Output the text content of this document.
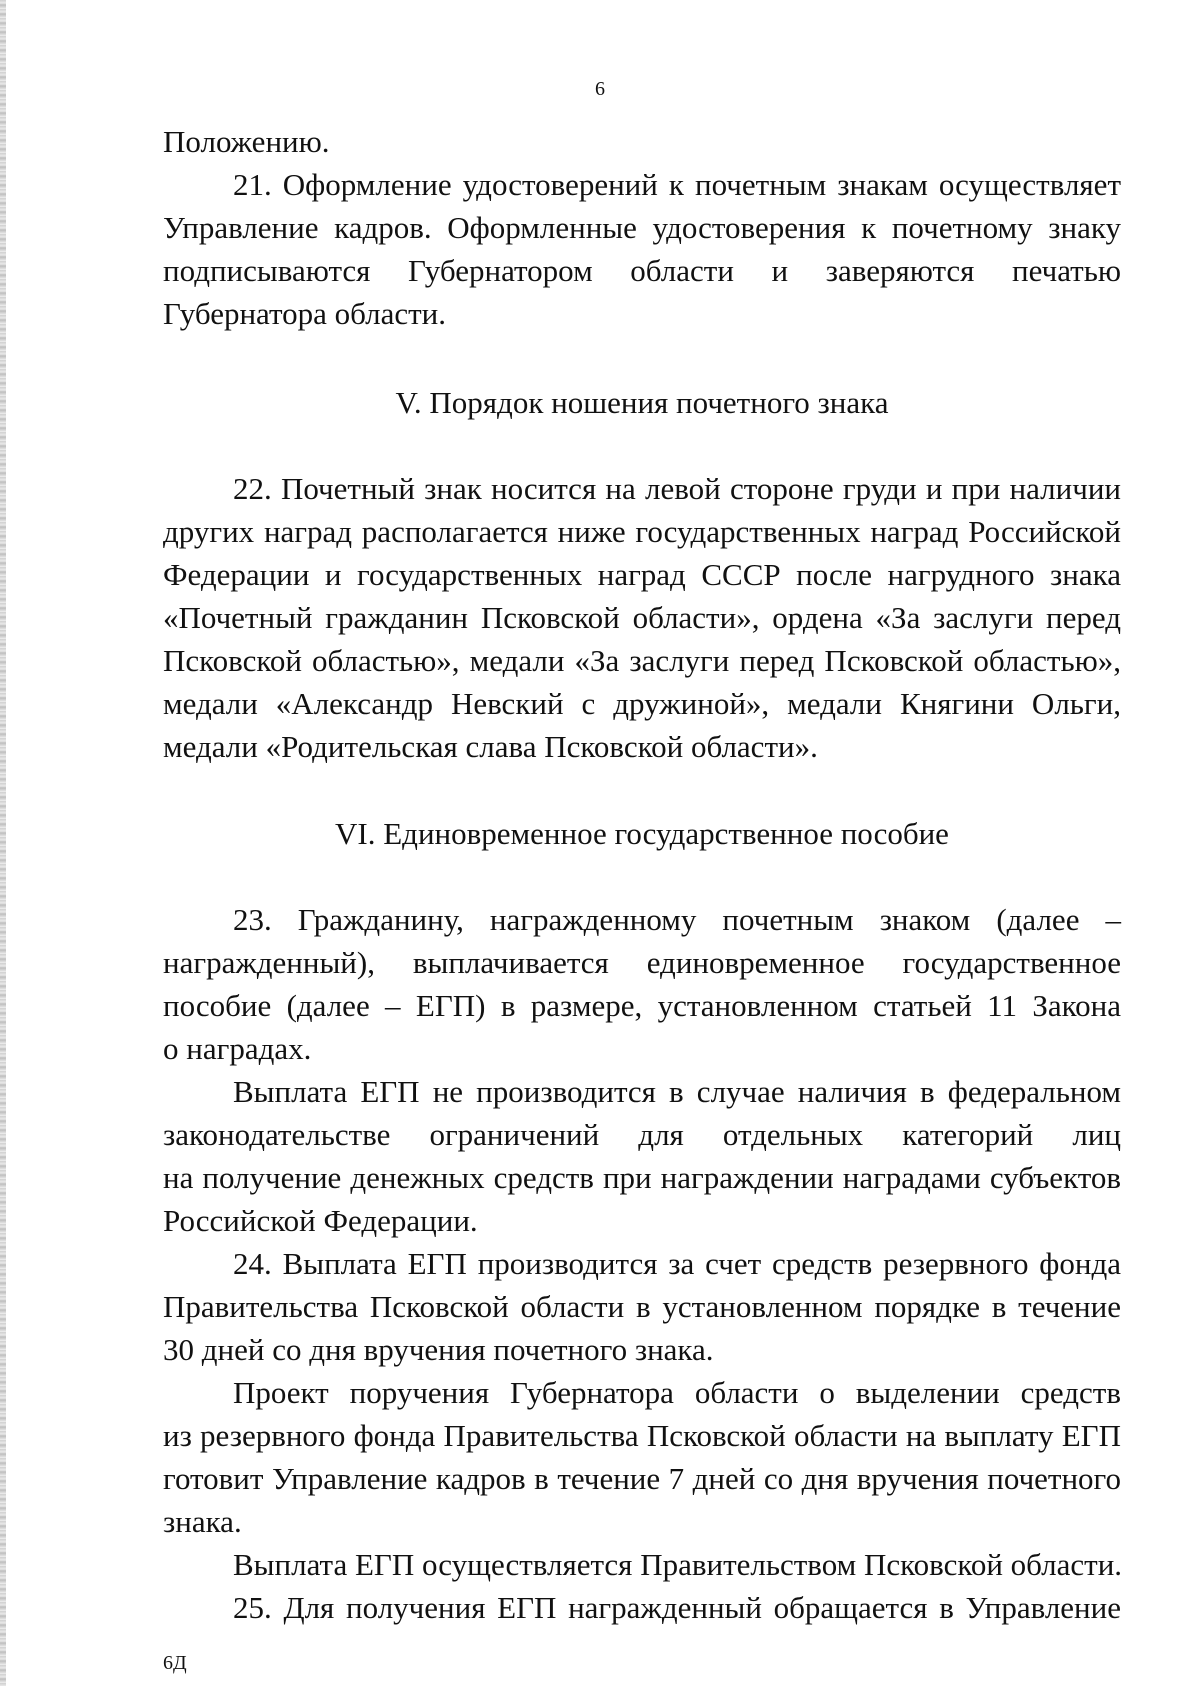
6
Положению.
21. Оформление удостоверений к почетным знакам осуществляет
Управление кадров. Оформленные удостоверения к почетному знаку
подписываются Губернатором области и заверяются печатью
Губернатора области.
V. Порядок ношения почетного знака
22. Почетный знак носится на левой стороне груди и при наличии
других наград располагается ниже государственных наград Российской
Федерации и государственных наград СССР после нагрудного знака
«Почетный гражданин Псковской области», ордена «За заслуги перед
Псковской областью», медали «За заслуги перед Псковской областью»,
медали «Александр Невский с дружиной», медали Княгини Ольги,
медали «Родительская слава Псковской области».
VI. Единовременное государственное пособие
23. Гражданину, награжденному почетным знаком (далее –
награжденный), выплачивается единовременное государственное
пособие (далее – ЕГП) в размере, установленном статьей 11 Закона
о наградах.
Выплата ЕГП не производится в случае наличия в федеральном
законодательстве ограничений для отдельных категорий лиц
на получение денежных средств при награждении наградами субъектов
Российской Федерации.
24. Выплата ЕГП производится за счет средств резервного фонда
Правительства Псковской области в установленном порядке в течение
30 дней со дня вручения почетного знака.
Проект поручения Губернатора области о выделении средств
из резервного фонда Правительства Псковской области на выплату ЕГП
готовит Управление кадров в течение 7 дней со дня вручения почетного
знака.
Выплата ЕГП осуществляется Правительством Псковской области.
25. Для получения ЕГП награжденный обращается в Управление
6Д
